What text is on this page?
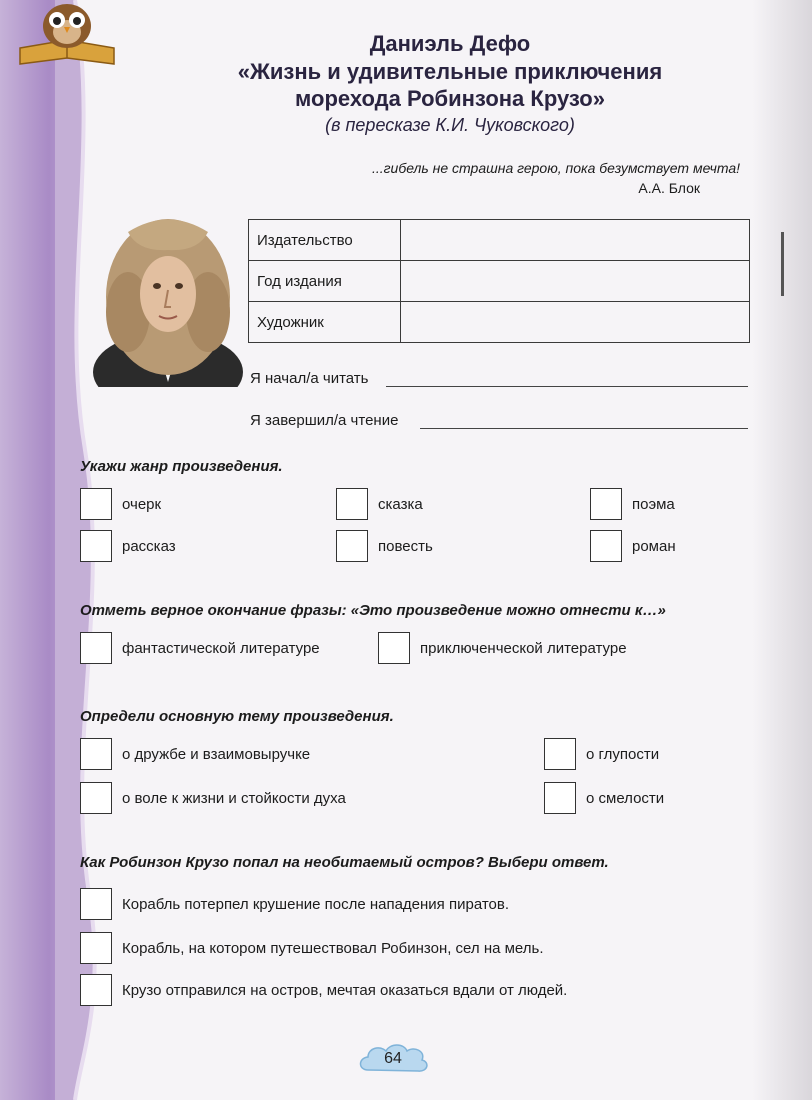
Даниэль Дефо
«Жизнь и удивительные приключения
морехода Робинзона Крузо»
(в пересказе К.И. Чуковского)
...гибель не страшна герою, пока безумствует мечта!
А.А. Блок
Издательство	
Год издания	
Художник	
Я начал/а читать
Я завершил/а чтение
Укажи жанр произведения.
очерк	сказка	поэма
рассказ	повесть	роман
Отметь верное окончание фразы: «Это произведение можно отнести к…»
фантастической литературе	приключенческой литературе
Определи основную тему произведения.
о дружбе и взаимовыручке	о глупости
о воле к жизни и стойкости духа	о смелости
Как Робинзон Крузо попал на необитаемый остров? Выбери ответ.
Корабль потерпел крушение после нападения пиратов.
Корабль, на котором путешествовал Робинзон, сел на мель.
Крузо отправился на остров, мечтая оказаться вдали от людей.
64
